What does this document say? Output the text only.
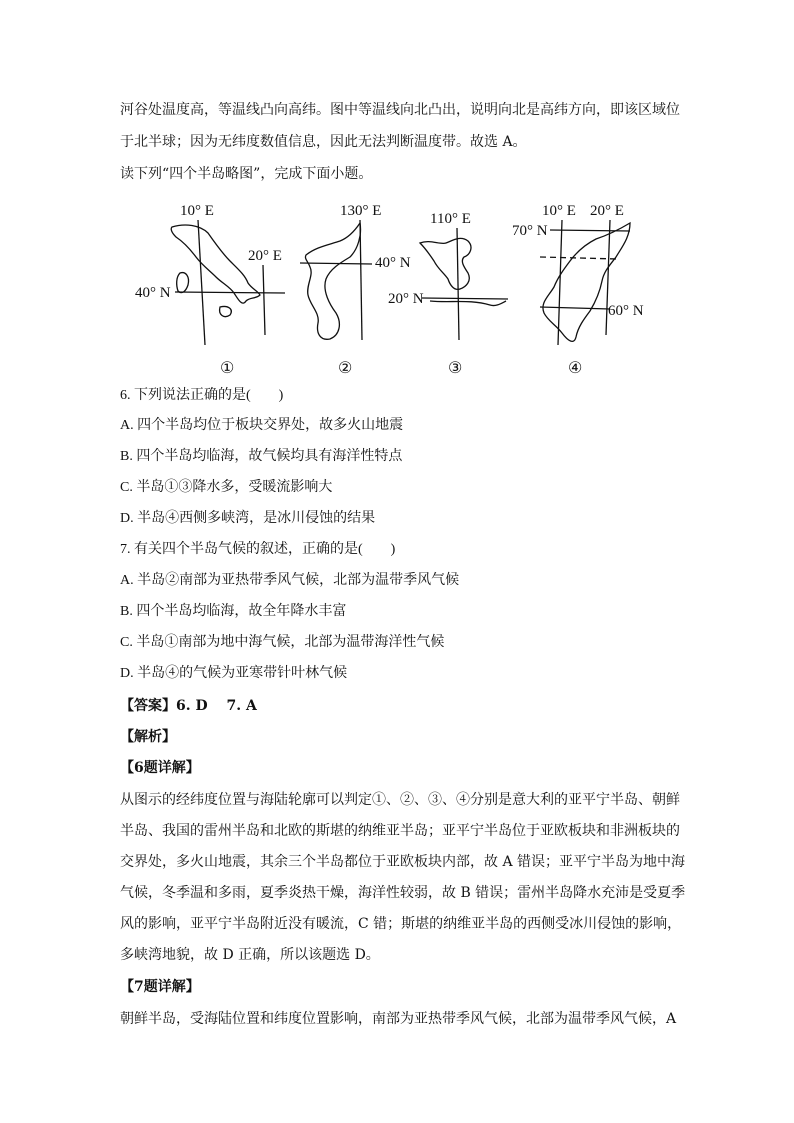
河谷处温度高，等温线凸向高纬。图中等温线向北凸出，说明向北是高纬方向，即该区域位
于北半球；因为无纬度数值信息，因此无法判断温度带。故选 A。
读下列“四个半岛略图”，完成下面小题。
10° E
20° E
40° N
①
130° E
40° N
②
110° E
20° N
③
10° E 20° E
70° N
60° N
④
6. 下列说法正确的是(　　)
A. 四个半岛均位于板块交界处，故多火山地震
B. 四个半岛均临海，故气候均具有海洋性特点
C. 半岛①③降水多，受暖流影响大
D. 半岛④西侧多峡湾，是冰川侵蚀的结果
7. 有关四个半岛气候的叙述，正确的是(　　)
A. 半岛②南部为亚热带季风气候，北部为温带季风气候
B. 四个半岛均临海，故全年降水丰富
C. 半岛①南部为地中海气候，北部为温带海洋性气候
D. 半岛④的气候为亚寒带针叶林气候
【答案】6. D　 7. A
【解析】
【6题详解】
从图示的经纬度位置与海陆轮廓可以判定①、②、③、④分别是意大利的亚平宁半岛、朝鲜
半岛、我国的雷州半岛和北欧的斯堪的纳维亚半岛；亚平宁半岛位于亚欧板块和非洲板块的
交界处，多火山地震，其余三个半岛都位于亚欧板块内部，故 A 错误；亚平宁半岛为地中海
气候，冬季温和多雨，夏季炎热干燥，海洋性较弱，故 B 错误；雷州半岛降水充沛是受夏季
风的影响，亚平宁半岛附近没有暖流，C 错；斯堪的纳维亚半岛的西侧受冰川侵蚀的影响，
多峡湾地貌，故 D 正确，所以该题选 D。
【7题详解】
朝鲜半岛，受海陆位置和纬度位置影响，南部为亚热带季风气候，北部为温带季风气候，A
